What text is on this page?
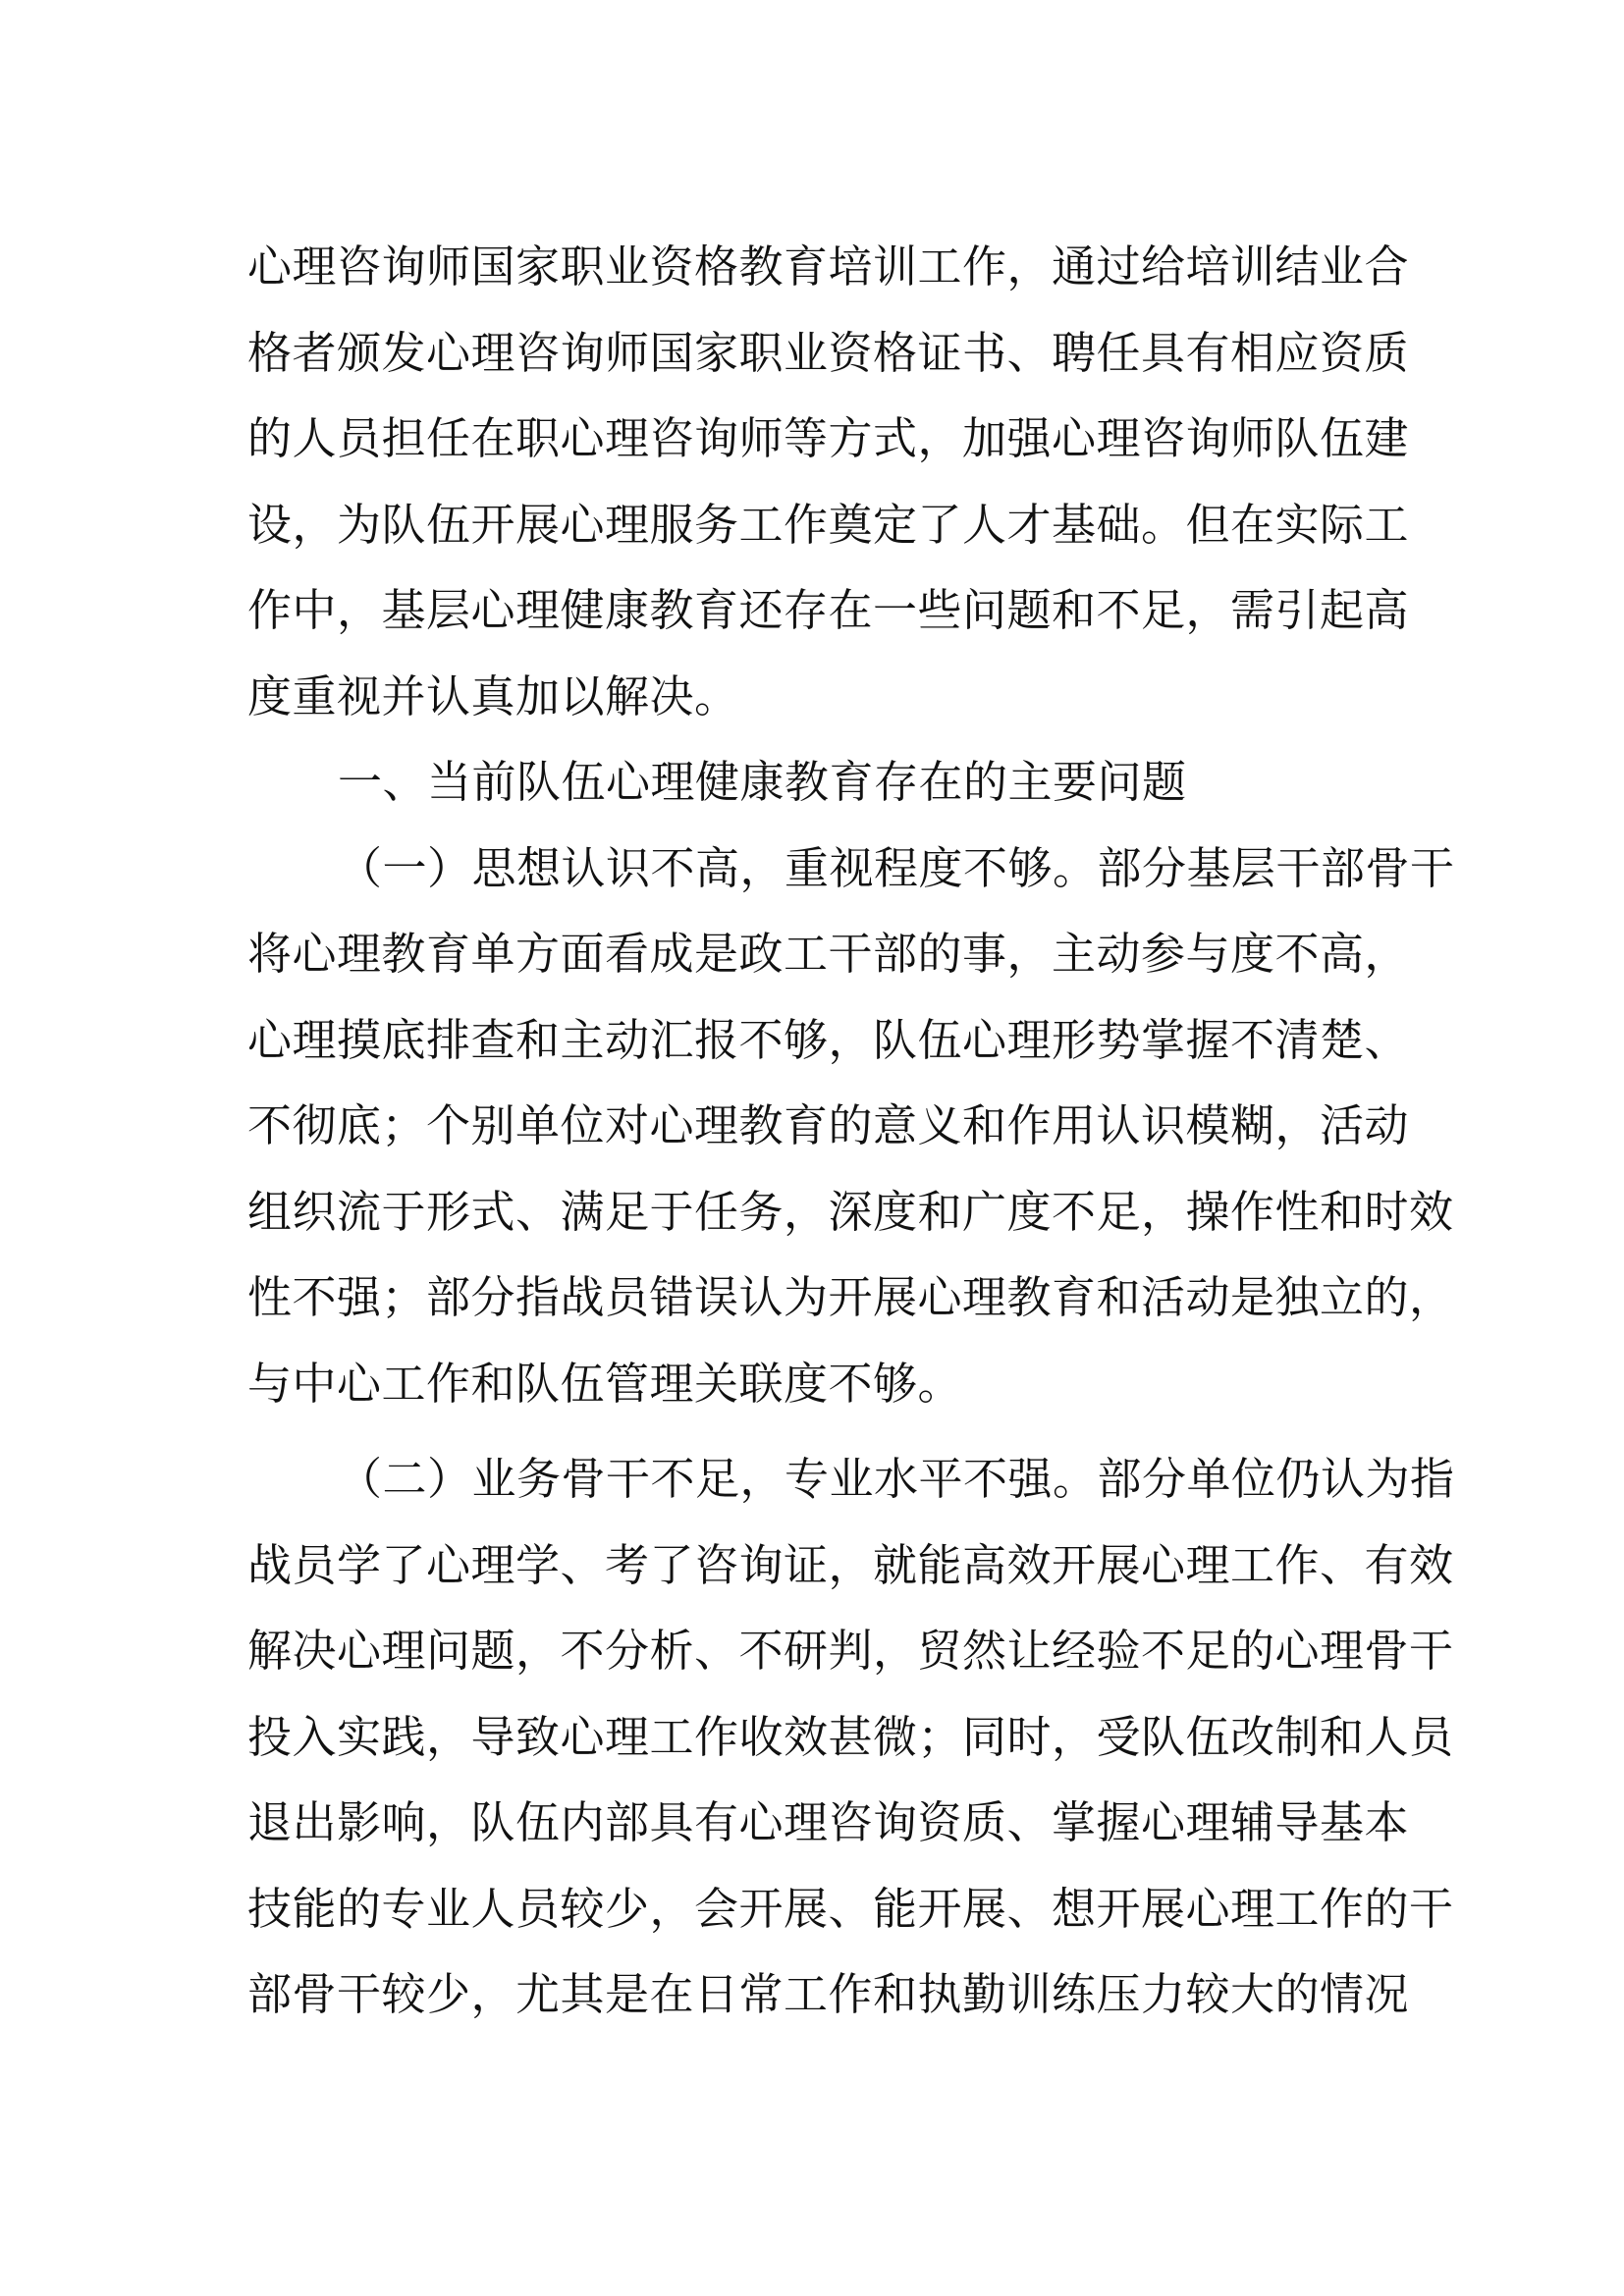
心理咨询师国家职业资格教育培训工作，通过给培训结业合
格者颁发心理咨询师国家职业资格证书、聘任具有相应资质
的人员担任在职心理咨询师等方式，加强心理咨询师队伍建
设，为队伍开展心理服务工作奠定了人才基础。但在实际工
作中，基层心理健康教育还存在一些问题和不足，需引起高
度重视并认真加以解决。
一、当前队伍心理健康教育存在的主要问题
（一）思想认识不高，重视程度不够。部分基层干部骨干
将心理教育单方面看成是政工干部的事，主动参与度不高，
心理摸底排查和主动汇报不够，队伍心理形势掌握不清楚、
不彻底；个别单位对心理教育的意义和作用认识模糊，活动
组织流于形式、满足于任务，深度和广度不足，操作性和时效
性不强；部分指战员错误认为开展心理教育和活动是独立的，
与中心工作和队伍管理关联度不够。
（二）业务骨干不足，专业水平不强。部分单位仍认为指
战员学了心理学、考了咨询证，就能高效开展心理工作、有效
解决心理问题，不分析、不研判，贸然让经验不足的心理骨干
投入实践，导致心理工作收效甚微；同时，受队伍改制和人员
退出影响，队伍内部具有心理咨询资质、掌握心理辅导基本
技能的专业人员较少，会开展、能开展、想开展心理工作的干
部骨干较少，尤其是在日常工作和执勤训练压力较大的情况
